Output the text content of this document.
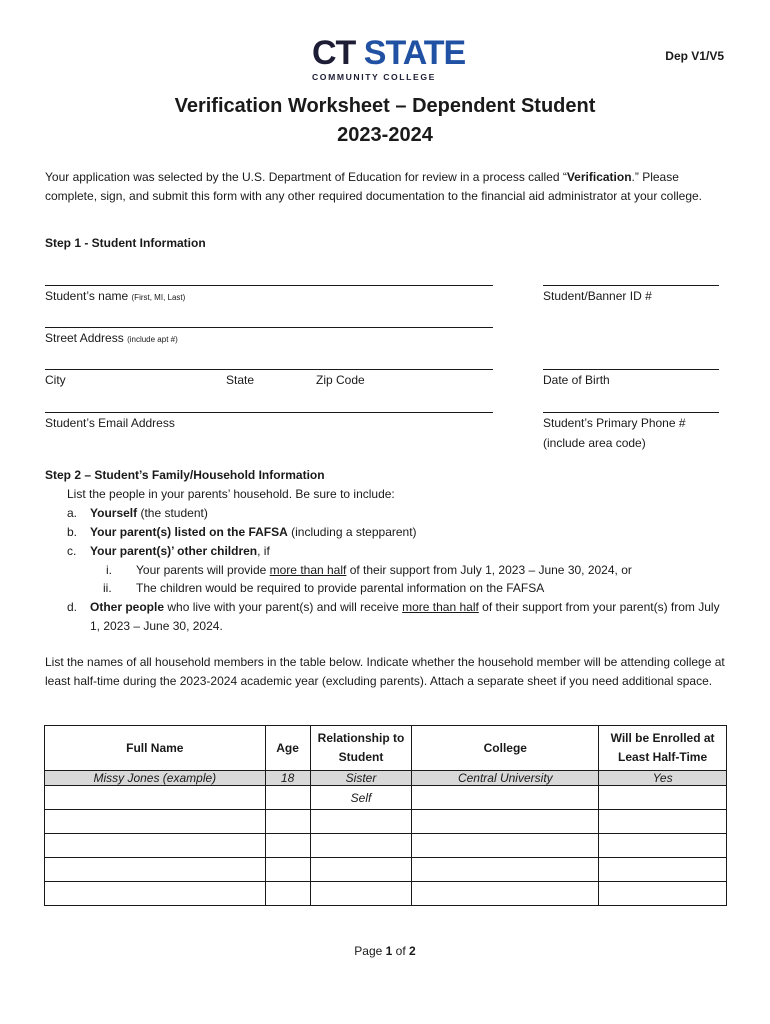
CT STATE
COMMUNITY COLLEGE
Dep V1/V5
Verification Worksheet – Dependent Student
2023-2024
Your application was selected by the U.S. Department of Education for review in a process called “Verification.” Please complete, sign, and submit this form with any other required documentation to the financial aid administrator at your college.
Step 1 - Student Information
Student’s name (First, MI, Last)	Student/Banner ID #
Street Address (include apt #)
City	State	Zip Code	Date of Birth
Student’s Email Address	Student’s Primary Phone #
(include area code)
Step 2 – Student’s Family/Household Information
List the people in your parents’ household. Be sure to include:
a. Yourself (the student)
b. Your parent(s) listed on the FAFSA (including a stepparent)
c. Your parent(s)’ other children, if
i. Your parents will provide more than half of their support from July 1, 2023 – June 30, 2024, or
ii. The children would be required to provide parental information on the FAFSA
d. Other people who live with your parent(s) and will receive more than half of their support from your parent(s) from July 1, 2023 – June 30, 2024.
List the names of all household members in the table below. Indicate whether the household member will be attending college at least half-time during the 2023-2024 academic year (excluding parents). Attach a separate sheet if you need additional space.
Full Name	Age	Relationship to Student	College	Will be Enrolled at Least Half-Time
Missy Jones (example)	18	Sister	Central University	Yes
		Self		

Page 1 of 2
